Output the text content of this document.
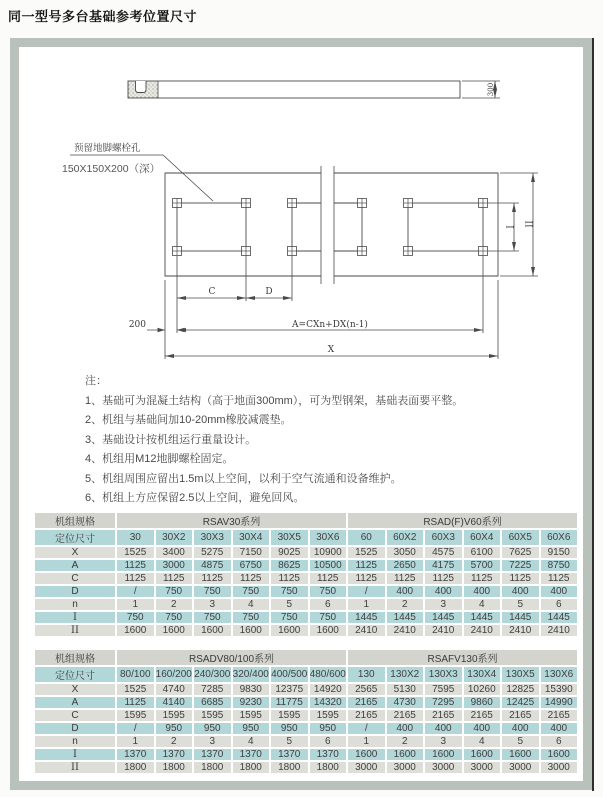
同一型号多台基础参考位置尺寸
300
预留地脚螺栓孔
150X150X200（深）
I II
C	D
200	A=CXn+DX(n-1)
X
注：
1、基础可为混凝土结构（高于地面300mm），可为型钢架，基础表面要平整。
2、机组与基础间加10-20mm橡胶减震垫。
3、基础设计按机组运行重量设计。
4、机组用M12地脚螺栓固定。
5、机组周围应留出1.5m以上空间，以利于空气流通和设备维护。
6、机组上方应保留2.5以上空间，避免回风。
机组规格	RSAV30系列						RSAD(F)V60系列					
定位尺寸	30	30X2	30X3	30X4	30X5	30X6	60	60X2	60X3	60X4	60X5	60X6
X	1525	3400	5275	7150	9025	10900	1525	3050	4575	6100	7625	9150
A	1125	3000	4875	6750	8625	10500	1125	2650	4175	5700	7225	8750
C	1125	1125	1125	1125	1125	1125	1125	1125	1125	1125	1125	1125
D	/	750	750	750	750	750	/	400	400	400	400	400
n	1	2	3	4	5	6	1	2	3	4	5	6
I	750	750	750	750	750	750	1445	1445	1445	1445	1445	1445
II	1600	1600	1600	1600	1600	1600	2410	2410	2410	2410	2410	2410
机组规格	RSADV80/100系列						RSAFV130系列					
定位尺寸	80/100	160/200	240/300	320/400	400/500	480/600	130	130X2	130X3	130X4	130X5	130X6
X	1525	4740	7285	9830	12375	14920	2565	5130	7595	10260	12825	15390
A	1125	4140	6685	9230	11775	14320	2165	4730	7295	9860	12425	14990
C	1595	1595	1595	1595	1595	1595	2165	2165	2165	2165	2165	2165
D	/	950	950	950	950	950	/	400	400	400	400	400
n	1	2	3	4	5	6	1	2	3	4	5	6
I	1370	1370	1370	1370	1370	1370	1600	1600	1600	1600	1600	1600
II	1800	1800	1800	1800	1800	1800	3000	3000	3000	3000	3000	3000
